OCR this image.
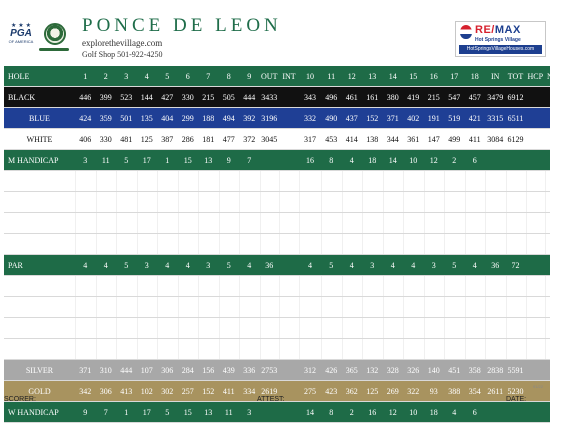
★ ★ ★
PGA
OF AMERICA
PONCE DE LEON
explorethevillage.com
Golf Shop 501-922-4250
RE/MAX
Hot Springs Village
HotSpringsVillageHouses.com
HOLE	1	2	3	4	5	6	7	8	9	OUT INT	10	11	12	13	14	15	16	17	18	IN	TOT HCP NET
BLACK	446	399	523	144	427	330	215	505	444 3433	343	496	461	161	380	419	215	547	457 3479 6912
BLUE	424	359	501	135	404	299	188	494	392 3196	332	490	437	152	371	402	191	519	421 3315 6511
WHITE	406	330	481	125	387	286	181	477	372 3045	317	453	414	138	344	361	147	499	411 3084 6129
M HANDICAP	3	11	5	17	1	15	13	9	7	16	8	4	18	14	10	12	2	6
PAR	4	4	5	3	4	4	3	5	4	36	4	5	4	3	4	4	3	5	4	36	72
SILVER	371	310	444	107	306	284	156	439	336 2753	312	426	365	132	328	326	140	451	358 2838 5591
GOLD	342	306	413	102	302	257	152	411	334 2619	275	423	362	125	269	322	93	388	354 2611 5230
W HANDICAP	9	7	1	17	5	15	13	11	3	14	8	2	16	12	10	18	4	6
91/22
SCORER:	ATTEST:	DATE:
